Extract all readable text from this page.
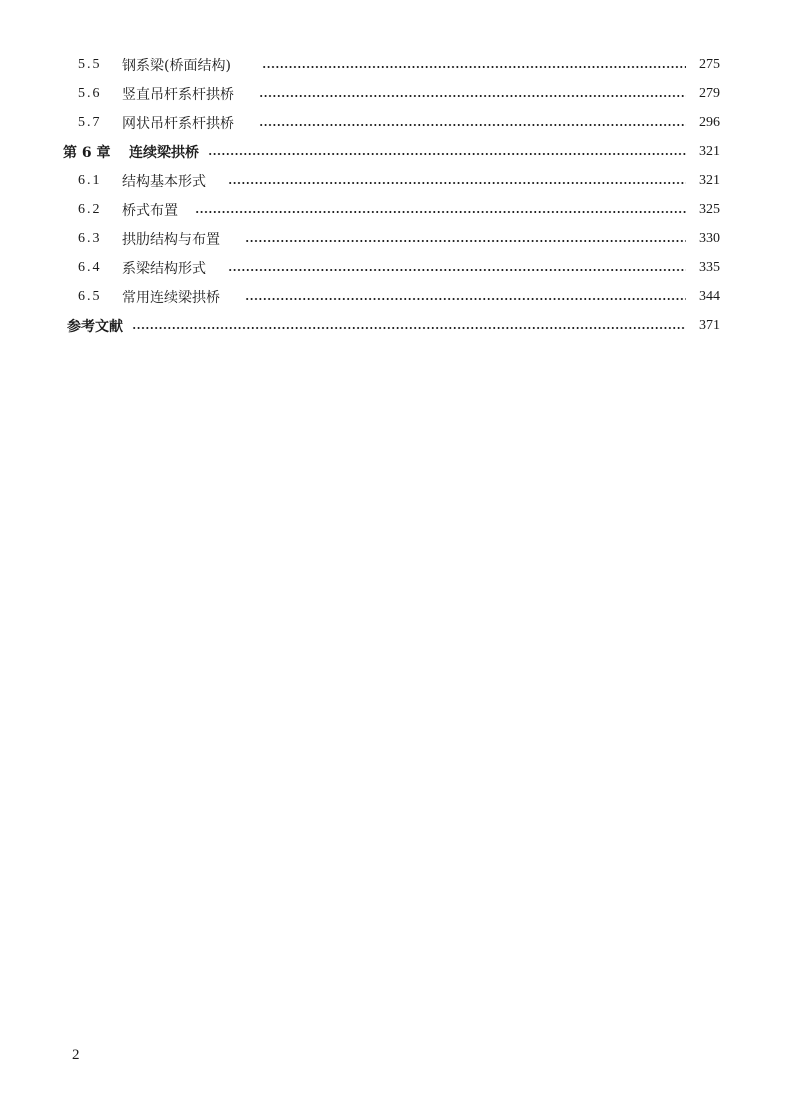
5.5	钢系梁(桥面结构)	275
5.6	竖直吊杆系杆拱桥	279
5.7	网状吊杆系杆拱桥	296
第 6 章 连续梁拱桥	321
6.1	结构基本形式	321
6.2	桥式布置	325
6.3	拱肋结构与布置	330
6.4	系梁结构形式	335
6.5	常用连续梁拱桥	344
参考文献	371
2
